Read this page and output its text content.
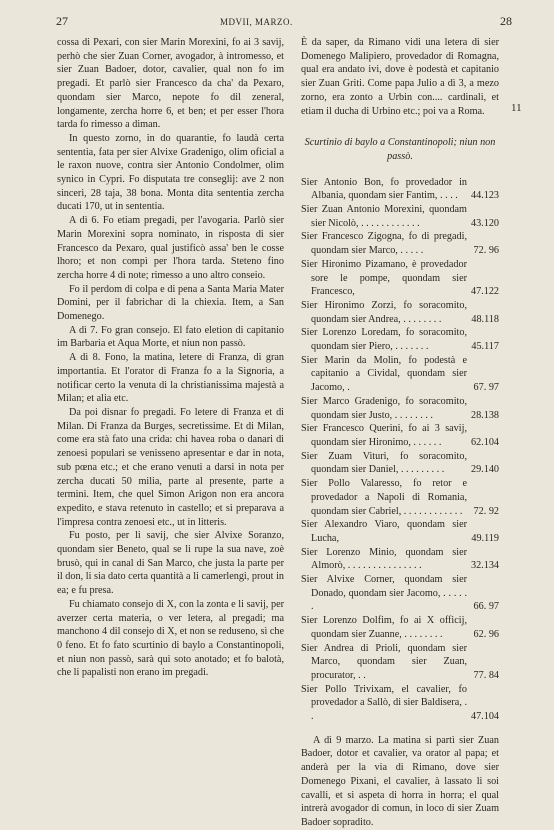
27	MDVII, MARZO.	28

cossa di Pexari, con sier Marin Morexini, fo ai 3 savij, perhò che sier Zuan Corner, avogador, à intromesso, et sier Zuan Badoer, dotor, cavalier, qual non fo im pregadi. Et parlò sier Francesco da cha' da Pexaro, quondam sier Marco, nepote fo dil zeneral, longamente, zercha horre 6, et ben; et per esser l'hora tarda fo rimesso a diman.

In questo zorno, in do quarantie, fo laudà certa sententia, fata per sier Alvixe Gradenigo, olim oficial a le raxon nuove, contra sier Antonio Condolmer, olim synico in Cypri. Fo disputata tre conseglij: ave 2 non sinceri, 28 taja, 38 bona. Monta dita sententia zercha ducati 170, ut in sententia.

A dì 6. Fo etiam pregadi, per l'avogaria. Parlò sier Marin Morexini sopra nominato, in risposta di sier Francesco da Pexaro, qual justificò assa' ben le cosse lhoro; et non compì per l'hora tarda. Steteno fino zercha horre 4 di note; rimesso a uno altro conseio.

Fo il perdom di colpa e di pena a Santa Maria Mater Domini, per il fabrichar di la chiexia. Item, a San Domenego.

A dì 7. Fo gran consejo. El fato eletion di capitanio im Barbaria et Aqua Morte, et niun non passò.

A dì 8. Fono, la matina, letere di Franza, di gran importantia. Et l'orator di Franza fo a la Signoria, a notificar certo la venuta di la christianissima majestà a Milan; et alia etc.

Da poi disnar fo pregadi. Fo letere di Franza et di Milan. Di Franza da Burges, secretissime. Et di Milan, come era stà fato una crida: chi havea roba o danari di zenoesi populari se venisseno apresentar e dar in nota, sub pœna etc.; et che erano venuti a darsi in nota per zercha ducati 50 milia, parte al presente, parte a termini. Item, che quel Simon Arigon non era ancora expedito, e stava retenuto in castello; et si preparava a l'impresa contra zenoesi etc., ut in litteris.

Fu posto, per li savij, che sier Alvixe Soranzo, quondam sier Beneto, qual se li rupe la sua nave, zoè brusò, qui in canal di San Marco, che justa la parte per il don, li sia dato certa quantità a li camerlengi, prout in ea; e fu presa.

Fu chiamato consejo di X, con la zonta e li savij, per averzer certa materia, o ver letera, al pregadi; ma manchono 4 dil consejo di X, et non se reduseno, sì che 0 feno. Et fo fato scurtinio di baylo a Constantinopoli, et niun non passò, sarà qui soto anotado; et fo balotà, che li papalisti non erano im pregadi.

11

È da saper, da Rimano vidi una letera di sier Domenego Malipiero, provedador di Romagna, qual era andato ivi, dove è podestà et capitanio sier Zuan Griti. Come papa Julio a dì 3, a mezo zorno, era zonto a Urbin con.... cardinali, et etiam il ducha di Urbino etc.; poi va a Roma.

Scurtinio di baylo a Constantinopoli; niun non passò.
Sier Antonio Bon, fo provedador in Albania, quondam sier Fantim, . . . .	44.123
Sier Zuan Antonio Morexini, quondam sier Nicolò, . . . . . . . . . . . .	43.120
Sier Francesco Zigogna, fo di pregadi, quondam sier Marco, . . . . .	72. 96
Sier Hironimo Pizamano, è provedador sore le pompe, quondam sier Francesco,	47.122
Sier Hironimo Zorzi, fo soracomito, quondam sier Andrea, . . . . . . . .	48.118
Sier Lorenzo Loredam, fo soracomito, quondam sier Piero, . . . . . . .	45.117
Sier Marin da Molin, fo podestà e capitanio a Cividal, quondam sier Jacomo, .	67. 97
Sier Marco Gradenigo, fo soracomito, quondam sier Justo, . . . . . . . .	28.138
Sier Francesco Querini, fo ai 3 savij, quondam sier Hironimo, . . . . . .	62.104
Sier Zuam Vituri, fo soracomito, quondam sier Daniel, . . . . . . . . .	29.140
Sier Pollo Valaresso, fo retor e provedador a Napoli di Romania, quondam sier Cabriel, . . . . . . . . . . . .	72. 92
Sier Alexandro Viaro, quondam sier Lucha,	49.119
Sier Lorenzo Minio, quondam sier Almorò, . . . . . . . . . . . . . . .	32.134
Sier Alvixe Corner, quondam sier Donado, quondam sier Jacomo, . . . . . .	66. 97
Sier Lorenzo Dolfim, fo ai X officij, quondam sier Zuanne, . . . . . . . .	62. 96
Sier Andrea di Prioli, quondam sier Marco, quondam sier Zuan, procurator, . .	77. 84
Sier Pollo Trivixam, el cavalier, fo provedador a Sallò, di sier Baldisera, . .	47.104

A dì 9 marzo. La matina si partì sier Zuan Badoer, dotor et cavalier, va orator al papa; et anderà per la via di Rimano, dove sier Domenego Pixani, el cavalier, à lassato li soi cavalli, et si aspeta di horra in horra; el qual intrerà avogador di comun, in loco di sier Zuam Badoer sopradito.
